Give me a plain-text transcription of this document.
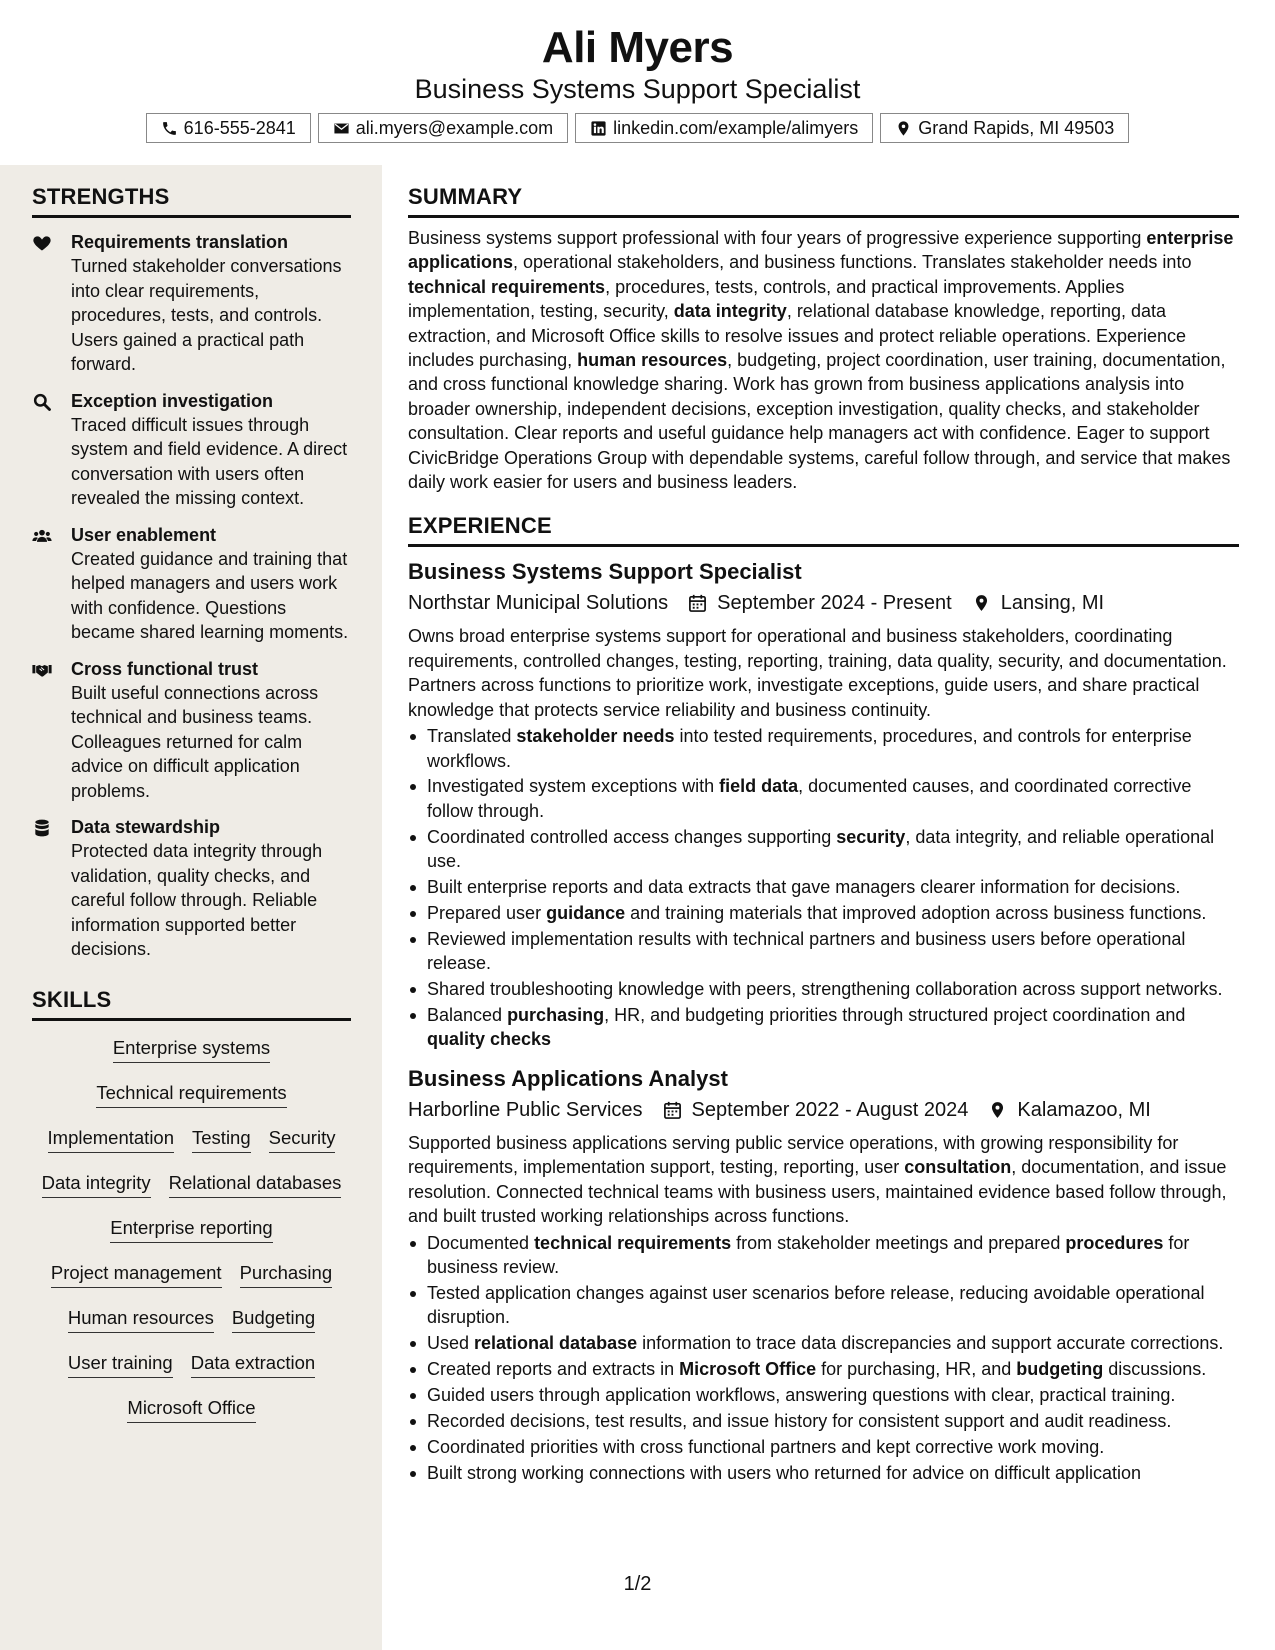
Ali Myers
Business Systems Support Specialist
616-555-2841	ali.myers@example.com	linkedin.com/example/alimyers	Grand Rapids, MI 49503
STRENGTHS
Requirements translation
Turned stakeholder conversations into clear requirements, procedures, tests, and controls. Users gained a practical path forward.
Exception investigation
Traced difficult issues through system and field evidence. A direct conversation with users often revealed the missing context.
User enablement
Created guidance and training that helped managers and users work with confidence. Questions became shared learning moments.
Cross functional trust
Built useful connections across technical and business teams. Colleagues returned for calm advice on difficult application problems.
Data stewardship
Protected data integrity through validation, quality checks, and careful follow through. Reliable information supported better decisions.
SKILLS
Enterprise systems
Technical requirements
Implementation Testing Security
Data integrity Relational databases
Enterprise reporting
Project management Purchasing
Human resources Budgeting
User training Data extraction
Microsoft Office
SUMMARY
Business systems support professional with four years of progressive experience supporting enterprise applications, operational stakeholders, and business functions. Translates stakeholder needs into technical requirements, procedures, tests, controls, and practical improvements. Applies implementation, testing, security, data integrity, relational database knowledge, reporting, data extraction, and Microsoft Office skills to resolve issues and protect reliable operations. Experience includes purchasing, human resources, budgeting, project coordination, user training, documentation, and cross functional knowledge sharing. Work has grown from business applications analysis into broader ownership, independent decisions, exception investigation, quality checks, and stakeholder consultation. Clear reports and useful guidance help managers act with confidence. Eager to support CivicBridge Operations Group with dependable systems, careful follow through, and service that makes daily work easier for users and business leaders.
EXPERIENCE
Business Systems Support Specialist
Northstar Municipal Solutions September 2024 - Present Lansing, MI
Owns broad enterprise systems support for operational and business stakeholders, coordinating requirements, controlled changes, testing, reporting, training, data quality, security, and documentation. Partners across functions to prioritize work, investigate exceptions, guide users, and share practical knowledge that protects service reliability and business continuity.
Translated stakeholder needs into tested requirements, procedures, and controls for enterprise workflows.
Investigated system exceptions with field data, documented causes, and coordinated corrective follow through.
Coordinated controlled access changes supporting security, data integrity, and reliable operational use.
Built enterprise reports and data extracts that gave managers clearer information for decisions.
Prepared user guidance and training materials that improved adoption across business functions.
Reviewed implementation results with technical partners and business users before operational release.
Shared troubleshooting knowledge with peers, strengthening collaboration across support networks.
Balanced purchasing, HR, and budgeting priorities through structured project coordination and quality checks
Business Applications Analyst
Harborline Public Services September 2022 - August 2024 Kalamazoo, MI
Supported business applications serving public service operations, with growing responsibility for requirements, implementation support, testing, reporting, user consultation, documentation, and issue resolution. Connected technical teams with business users, maintained evidence based follow through, and built trusted working relationships across functions.
Documented technical requirements from stakeholder meetings and prepared procedures for business review.
Tested application changes against user scenarios before release, reducing avoidable operational disruption.
Used relational database information to trace data discrepancies and support accurate corrections.
Created reports and extracts in Microsoft Office for purchasing, HR, and budgeting discussions.
Guided users through application workflows, answering questions with clear, practical training.
Recorded decisions, test results, and issue history for consistent support and audit readiness.
Coordinated priorities with cross functional partners and kept corrective work moving.
Built strong working connections with users who returned for advice on difficult application
1/2
